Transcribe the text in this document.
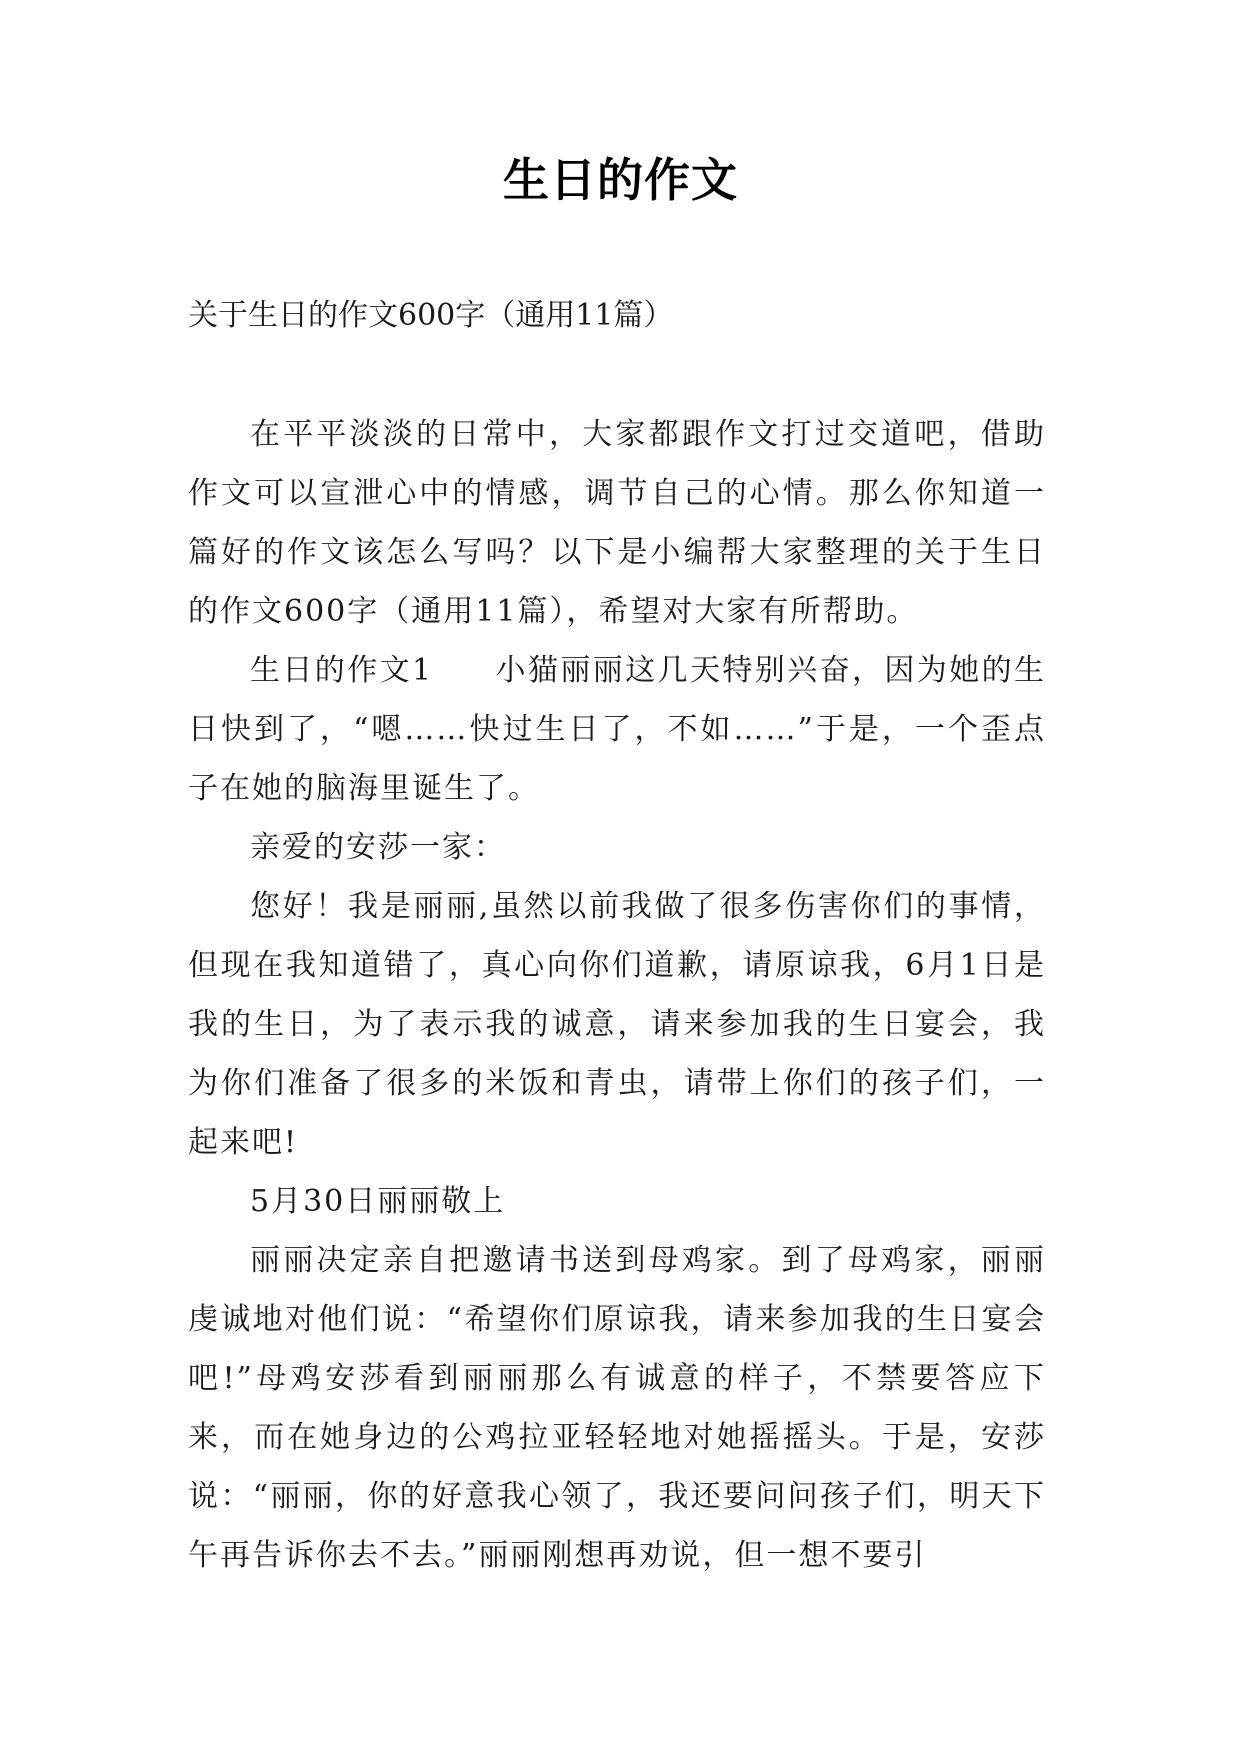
生日的作文
关于生日的作文600字（通用11篇）

在平平淡淡的日常中，大家都跟作文打过交道吧，借助作文可以宣泄心中的情感，调节自己的心情。那么你知道一篇好的作文该怎么写吗？以下是小编帮大家整理的关于生日的作文600字（通用11篇），希望对大家有所帮助。

生日的作文1 小猫丽丽这几天特别兴奋，因为她的生日快到了，“嗯……快过生日了，不如……”于是，一个歪点子在她的脑海里诞生了。

亲爱的安莎一家：

您好！我是丽丽,虽然以前我做了很多伤害你们的事情，但现在我知道错了，真心向你们道歉，请原谅我，6月1日是我的生日，为了表示我的诚意，请来参加我的生日宴会，我为你们准备了很多的米饭和青虫，请带上你们的孩子们，一起来吧!

5月30日丽丽敬上

丽丽决定亲自把邀请书送到母鸡家。到了母鸡家，丽丽虔诚地对他们说：“希望你们原谅我，请来参加我的生日宴会吧!”母鸡安莎看到丽丽那么有诚意的样子，不禁要答应下来，而在她身边的公鸡拉亚轻轻地对她摇摇头。于是，安莎说：“丽丽，你的好意我心领了，我还要问问孩子们，明天下午再告诉你去不去。”丽丽刚想再劝说，但一想不要引
